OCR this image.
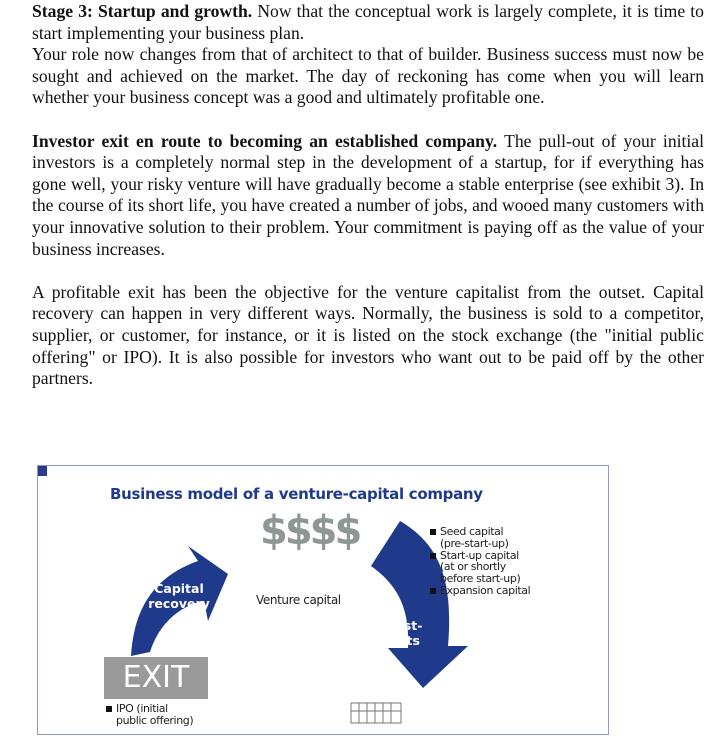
Stage 3: Startup and growth. Now that the conceptual work is largely complete, it is time to start implementing your business plan.
Your role now changes from that of architect to that of builder. Business success must now be sought and achieved on the market. The day of reckoning has come when you will learn whether your business concept was a good and ultimately profitable one.

Investor exit en route to becoming an established company. The pull-out of your initial investors is a completely normal step in the development of a startup, for if everything has gone well, your risky venture will have gradually become a stable enterprise (see exhibit 3). In the course of its short life, you have created a number of jobs, and wooed many customers with your innovative solution to their problem. Your commitment is paying off as the value of your business increases.

A profitable exit has been the objective for the venture capitalist from the outset. Capital recovery can happen in very different ways. Normally, the business is sold to a competitor, supplier, or customer, for instance, or it is listed on the stock exchange (the "initial public offering" or IPO). It is also possible for investors who want out to be paid off by the other partners.

Business model of a venture-capital company
$$$$
Venture capital
Capital
recovery
Invest-
ments
Seed capital
(pre-start-up)
Start-up capital
(at or shortly
before start-up)
Expansion capital
EXIT
IPO (initial
public offering)
